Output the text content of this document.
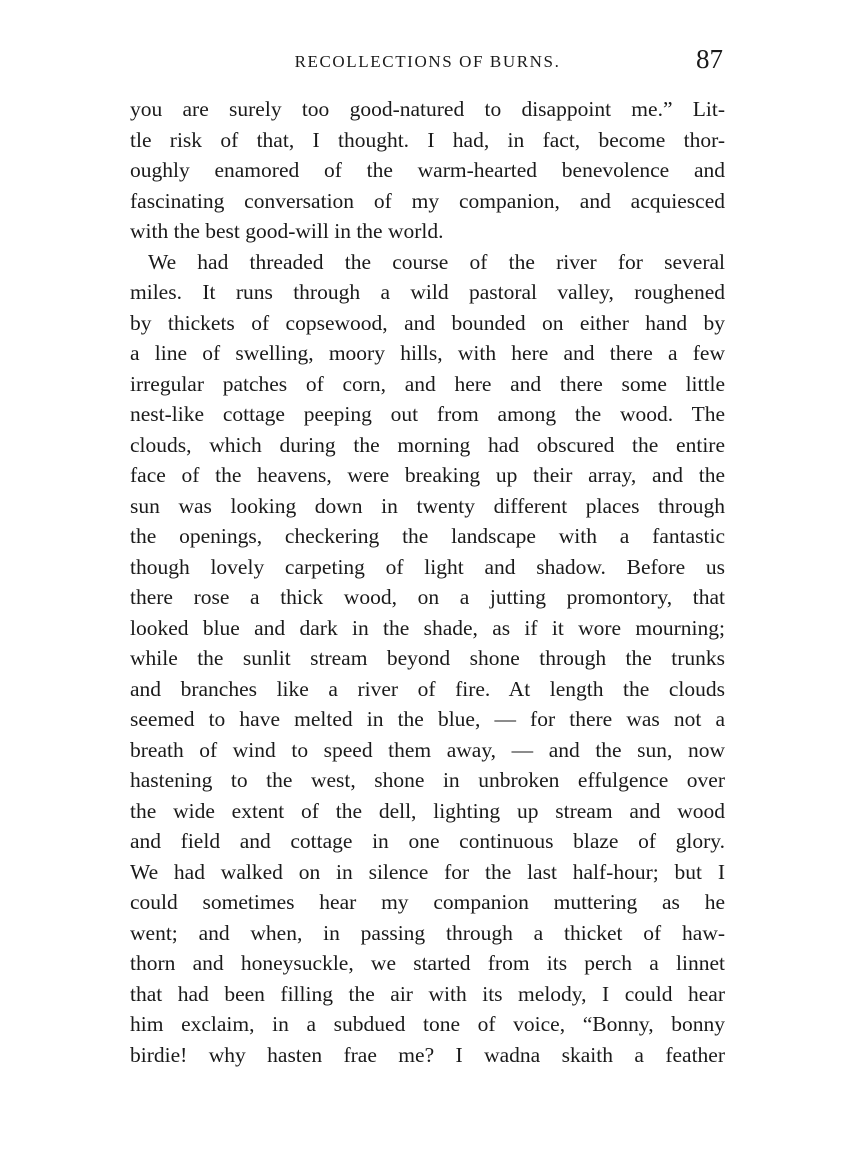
RECOLLECTIONS OF BURNS.	87
you are surely too good-natured to disappoint me.” Lit-
tle risk of that, I thought. I had, in fact, become thor-
oughly enamored of the warm-hearted benevolence and
fascinating conversation of my companion, and acquiesced
with the best good-will in the world.
We had threaded the course of the river for several
miles. It runs through a wild pastoral valley, roughened
by thickets of copsewood, and bounded on either hand by
a line of swelling, moory hills, with here and there a few
irregular patches of corn, and here and there some little
nest-like cottage peeping out from among the wood. The
clouds, which during the morning had obscured the entire
face of the heavens, were breaking up their array, and the
sun was looking down in twenty different places through
the openings, checkering the landscape with a fantastic
though lovely carpeting of light and shadow. Before us
there rose a thick wood, on a jutting promontory, that
looked blue and dark in the shade, as if it wore mourning;
while the sunlit stream beyond shone through the trunks
and branches like a river of fire. At length the clouds
seemed to have melted in the blue, — for there was not a
breath of wind to speed them away, — and the sun, now
hastening to the west, shone in unbroken effulgence over
the wide extent of the dell, lighting up stream and wood
and field and cottage in one continuous blaze of glory.
We had walked on in silence for the last half-hour; but I
could sometimes hear my companion muttering as he
went; and when, in passing through a thicket of haw-
thorn and honeysuckle, we started from its perch a linnet
that had been filling the air with its melody, I could hear
him exclaim, in a subdued tone of voice, “Bonny, bonny
birdie! why hasten frae me? I wadna skaith a feather
